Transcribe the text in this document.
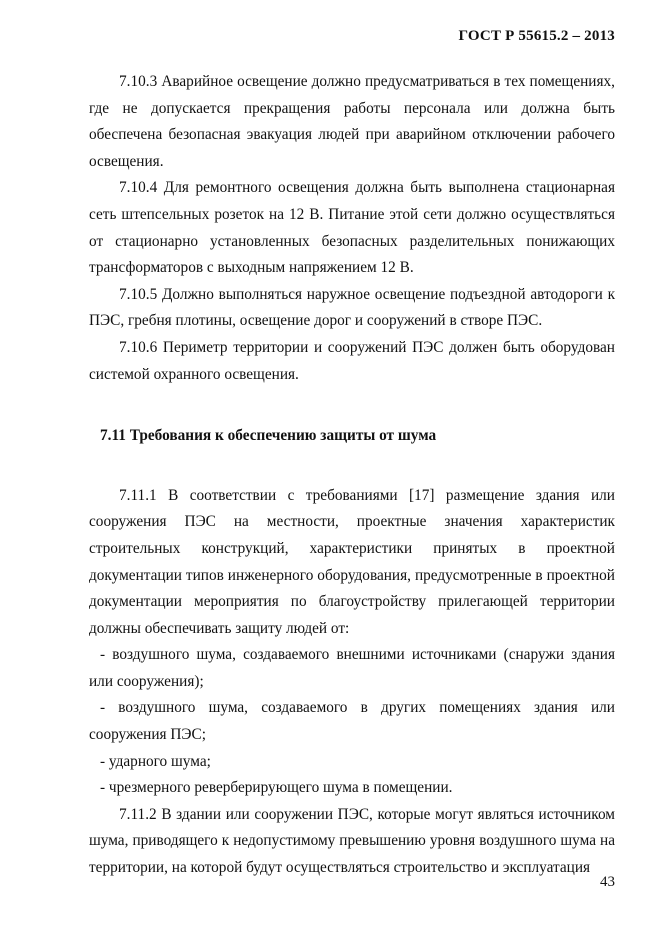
ГОСТ Р 55615.2 – 2013

7.10.3 Аварийное освещение должно предусматриваться в тех помещениях, где не допускается прекращения работы персонала или должна быть обеспечена безопасная эвакуация людей при аварийном отключении рабочего освещения.

7.10.4 Для ремонтного освещения должна быть выполнена стационарная сеть штепсельных розеток на 12 В. Питание этой сети должно осуществляться от стационарно установленных безопасных разделительных понижающих трансформаторов с выходным напряжением 12 В.

7.10.5 Должно выполняться наружное освещение подъездной автодороги к ПЭС, гребня плотины, освещение дорог и сооружений в створе ПЭС.

7.10.6 Периметр территории и сооружений ПЭС должен быть оборудован системой охранного освещения.

7.11 Требования к обеспечению защиты от шума

7.11.1 В соответствии с требованиями [17] размещение здания или сооружения ПЭС на местности, проектные значения характеристик строительных конструкций, характеристики принятых в проектной документации типов инженерного оборудования, предусмотренные в проектной документации мероприятия по благоустройству прилегающей территории должны обеспечивать защиту людей от:

- воздушного шума, создаваемого внешними источниками (снаружи здания или сооружения);

- воздушного шума, создаваемого в других помещениях здания или сооружения ПЭС;

- ударного шума;

- чрезмерного реверберирующего шума в помещении.

7.11.2 В здании или сооружении ПЭС, которые могут являться источником шума, приводящего к недопустимому превышению уровня воздушного шума на территории, на которой будут осуществляться строительство и эксплуатация

43
